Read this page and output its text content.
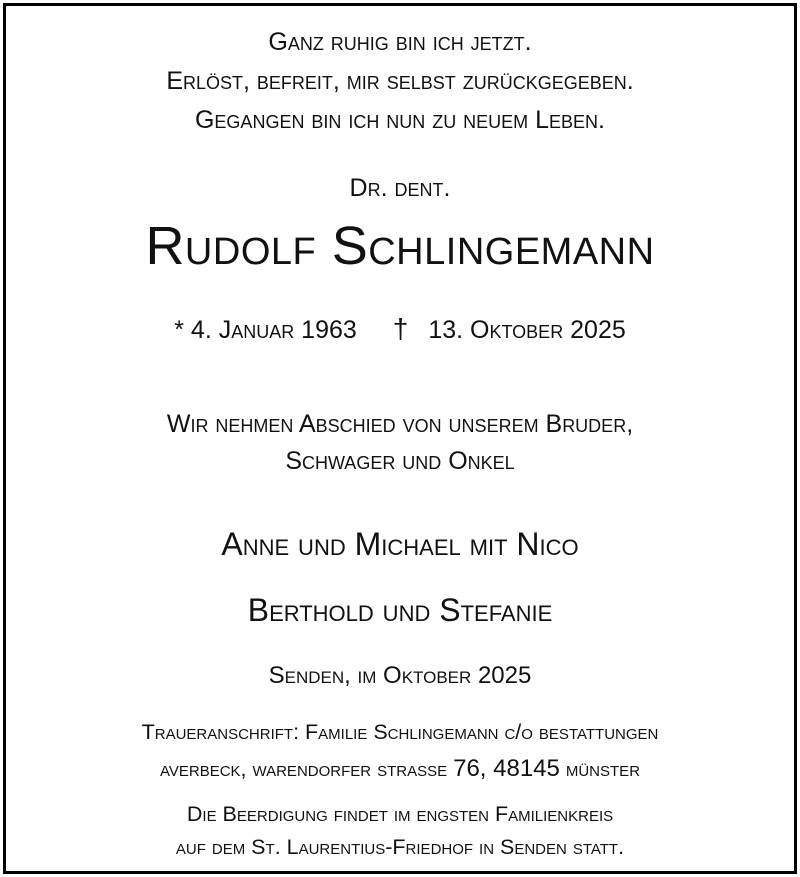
Ganz ruhig bin ich jetzt.
Erlöst, befreit, mir selbst zurückgegeben.
Gegangen bin ich nun zu neuem Leben.
Dr. dent.
Rudolf Schlingemann
* 4. Januar 1963 † 13. Oktober 2025
Wir nehmen Abschied von unserem Bruder,
Schwager und Onkel
Anne und Michael mit Nico
Berthold und Stefanie
Senden, im Oktober 2025
Traueranschrift: Familie Schlingemann c/o bestattungen
averbeck, warendorfer straße 76, 48145 münster
Die Beerdigung findet im engsten Familienkreis
auf dem St. Laurentius-Friedhof in Senden statt.
